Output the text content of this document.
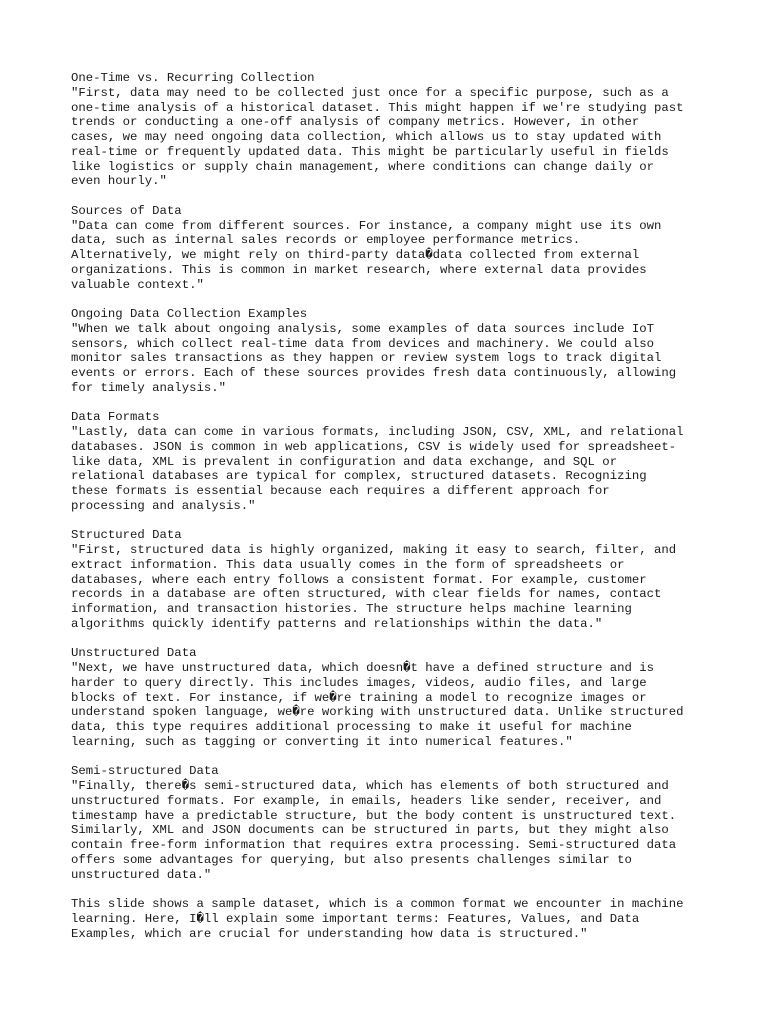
One-Time vs. Recurring Collection
"First, data may need to be collected just once for a specific purpose, such as a
one-time analysis of a historical dataset. This might happen if we're studying past
trends or conducting a one-off analysis of company metrics. However, in other
cases, we may need ongoing data collection, which allows us to stay updated with
real-time or frequently updated data. This might be particularly useful in fields
like logistics or supply chain management, where conditions can change daily or
even hourly."
Sources of Data
"Data can come from different sources. For instance, a company might use its own
data, such as internal sales records or employee performance metrics.
Alternatively, we might rely on third-party data�data collected from external
organizations. This is common in market research, where external data provides
valuable context."
Ongoing Data Collection Examples
"When we talk about ongoing analysis, some examples of data sources include IoT
sensors, which collect real-time data from devices and machinery. We could also
monitor sales transactions as they happen or review system logs to track digital
events or errors. Each of these sources provides fresh data continuously, allowing
for timely analysis."
Data Formats
"Lastly, data can come in various formats, including JSON, CSV, XML, and relational
databases. JSON is common in web applications, CSV is widely used for spreadsheet-
like data, XML is prevalent in configuration and data exchange, and SQL or
relational databases are typical for complex, structured datasets. Recognizing
these formats is essential because each requires a different approach for
processing and analysis."
Structured Data
"First, structured data is highly organized, making it easy to search, filter, and
extract information. This data usually comes in the form of spreadsheets or
databases, where each entry follows a consistent format. For example, customer
records in a database are often structured, with clear fields for names, contact
information, and transaction histories. The structure helps machine learning
algorithms quickly identify patterns and relationships within the data."
Unstructured Data
"Next, we have unstructured data, which doesn�t have a defined structure and is
harder to query directly. This includes images, videos, audio files, and large
blocks of text. For instance, if we�re training a model to recognize images or
understand spoken language, we�re working with unstructured data. Unlike structured
data, this type requires additional processing to make it useful for machine
learning, such as tagging or converting it into numerical features."
Semi-structured Data
"Finally, there�s semi-structured data, which has elements of both structured and
unstructured formats. For example, in emails, headers like sender, receiver, and
timestamp have a predictable structure, but the body content is unstructured text.
Similarly, XML and JSON documents can be structured in parts, but they might also
contain free-form information that requires extra processing. Semi-structured data
offers some advantages for querying, but also presents challenges similar to
unstructured data."
This slide shows a sample dataset, which is a common format we encounter in machine
learning. Here, I�ll explain some important terms: Features, Values, and Data
Examples, which are crucial for understanding how data is structured."
